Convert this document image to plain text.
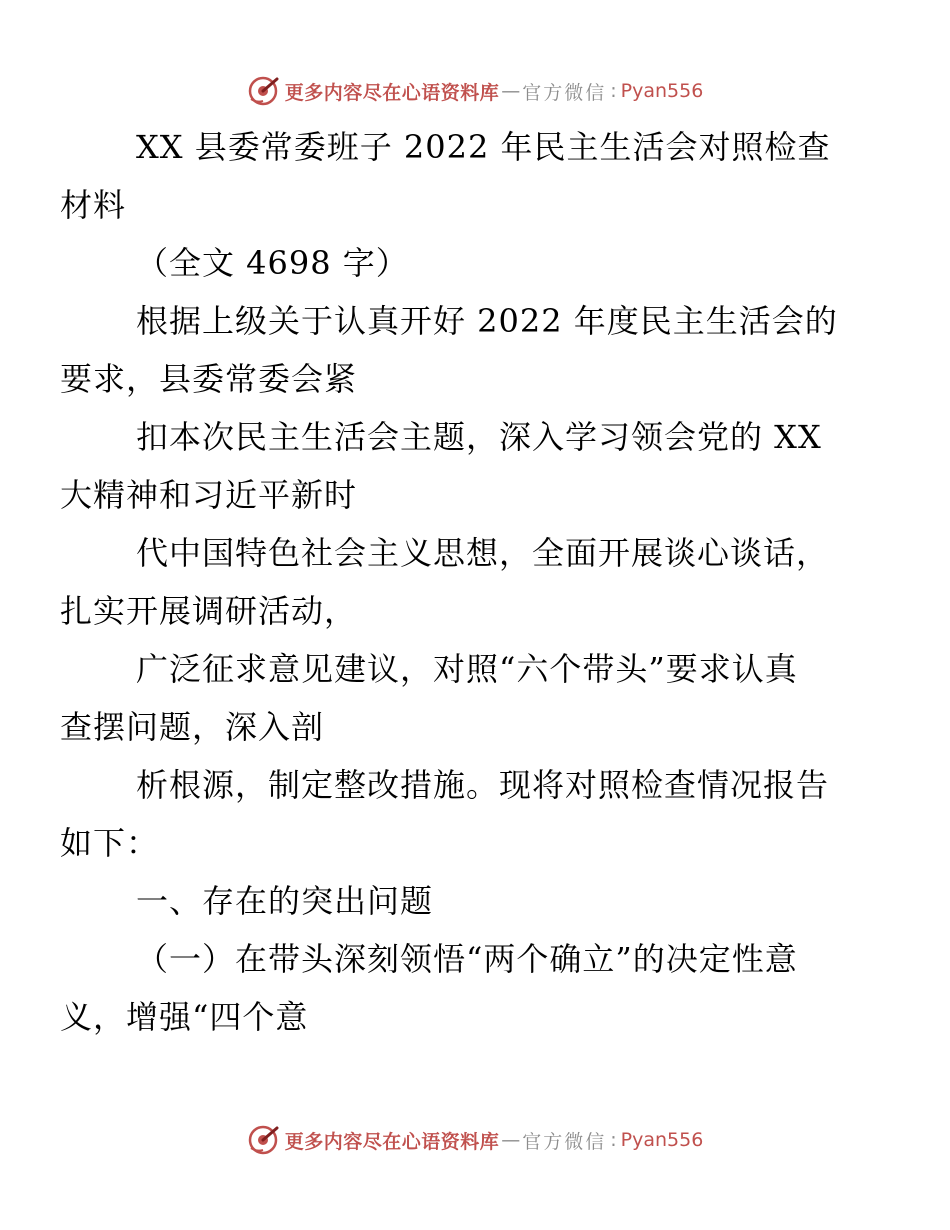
更多内容尽在心语资料库 — 官方微信 : Pyan556
XX 县委常委班子 2022 年民主生活会对照检查
材料
（全文 4698 字）
根据上级关于认真开好 2022 年度民主生活会的
要求，县委常委会紧
扣本次民主生活会主题，深入学习领会党的 XX
大精神和习近平新时
代中国特色社会主义思想，全面开展谈心谈话，
扎实开展调研活动，
广泛征求意见建议，对照“六个带头”要求认真
查摆问题，深入剖
析根源，制定整改措施。现将对照检查情况报告
如下：
一、存在的突出问题
（一）在带头深刻领悟“两个确立”的决定性意
义，增强“四个意
更多内容尽在心语资料库 — 官方微信 : Pyan556
